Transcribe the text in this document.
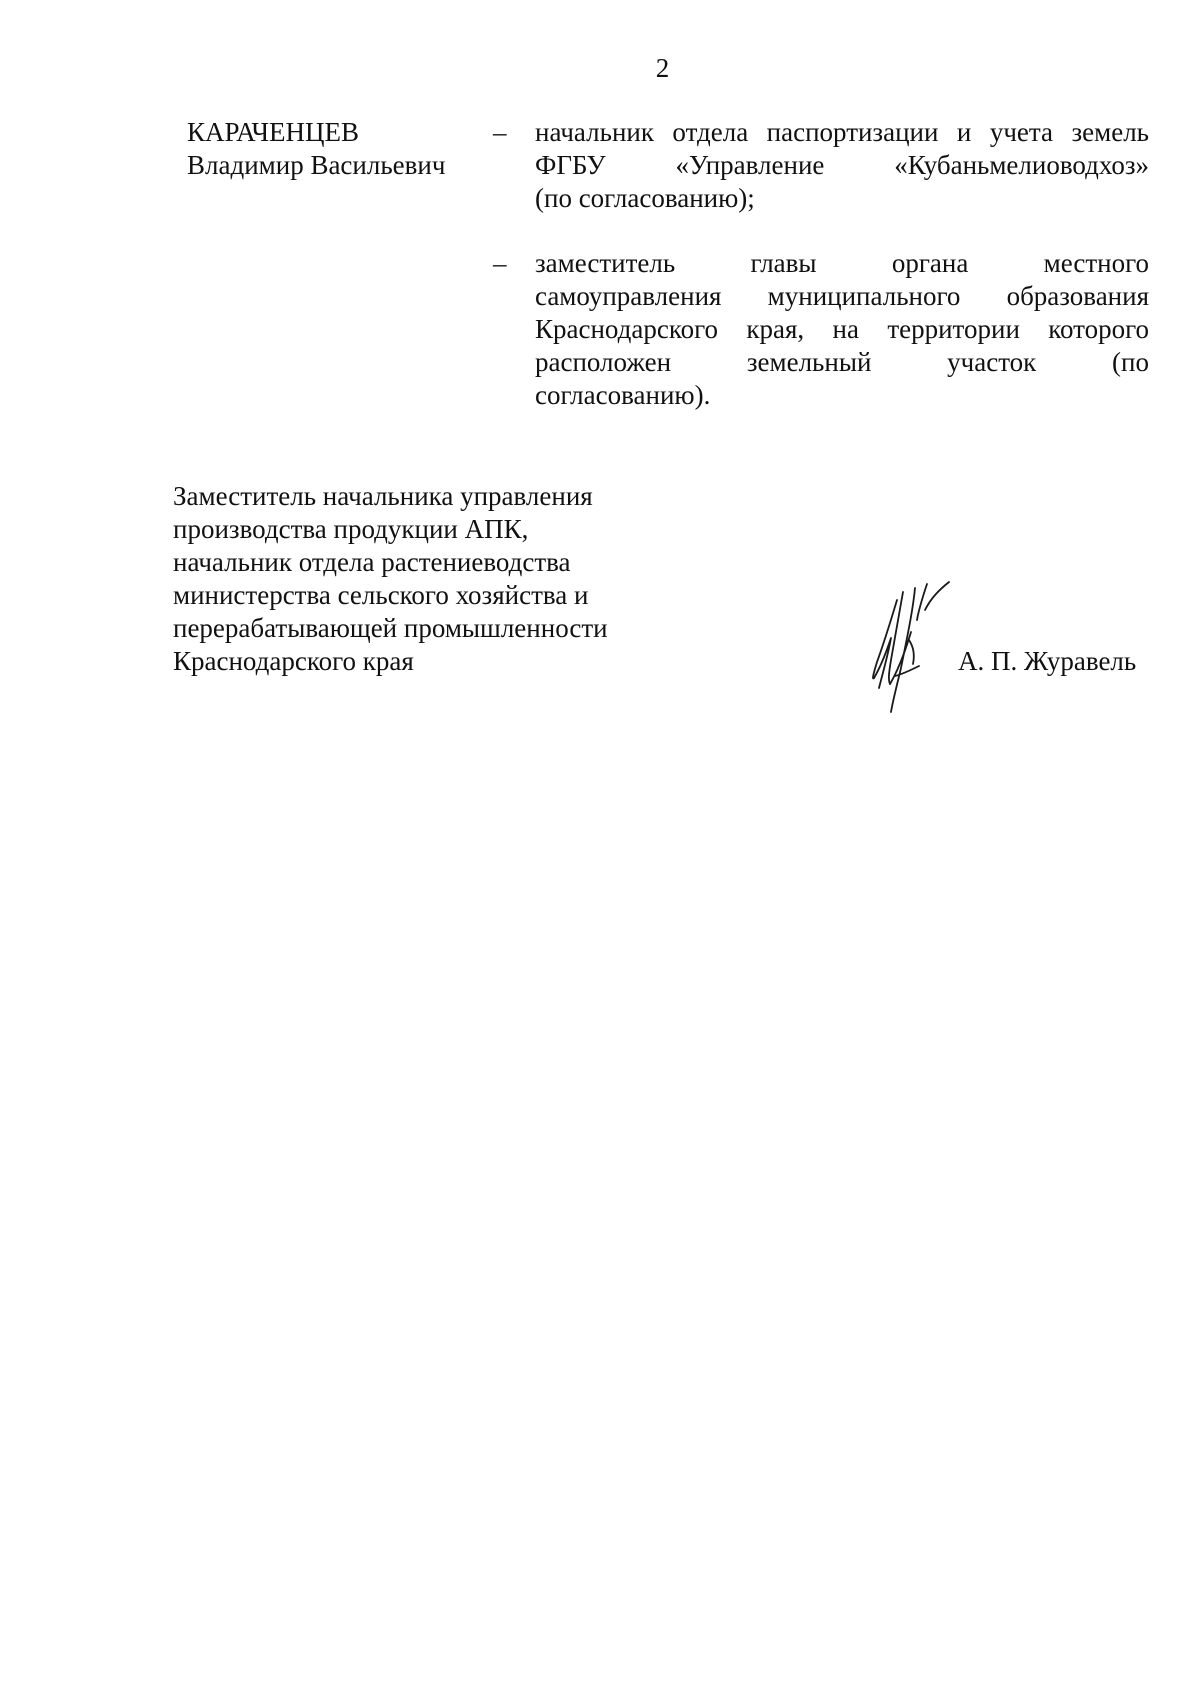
2
КАРАЧЕНЦЕВ
Владимир Васильевич
– начальник отдела паспортизации и учета земель
ФГБУ «Управление «Кубаньмелиоводхоз»
(по согласованию);
– заместитель главы органа местного
самоуправления муниципального образования
Краснодарского края, на территории которого
расположен земельный участок (по
согласованию).
Заместитель начальника управления
производства продукции АПК,
начальник отдела растениеводства
министерства сельского хозяйства и
перерабатывающей промышленности
Краснодарского края	А. П. Журавель
